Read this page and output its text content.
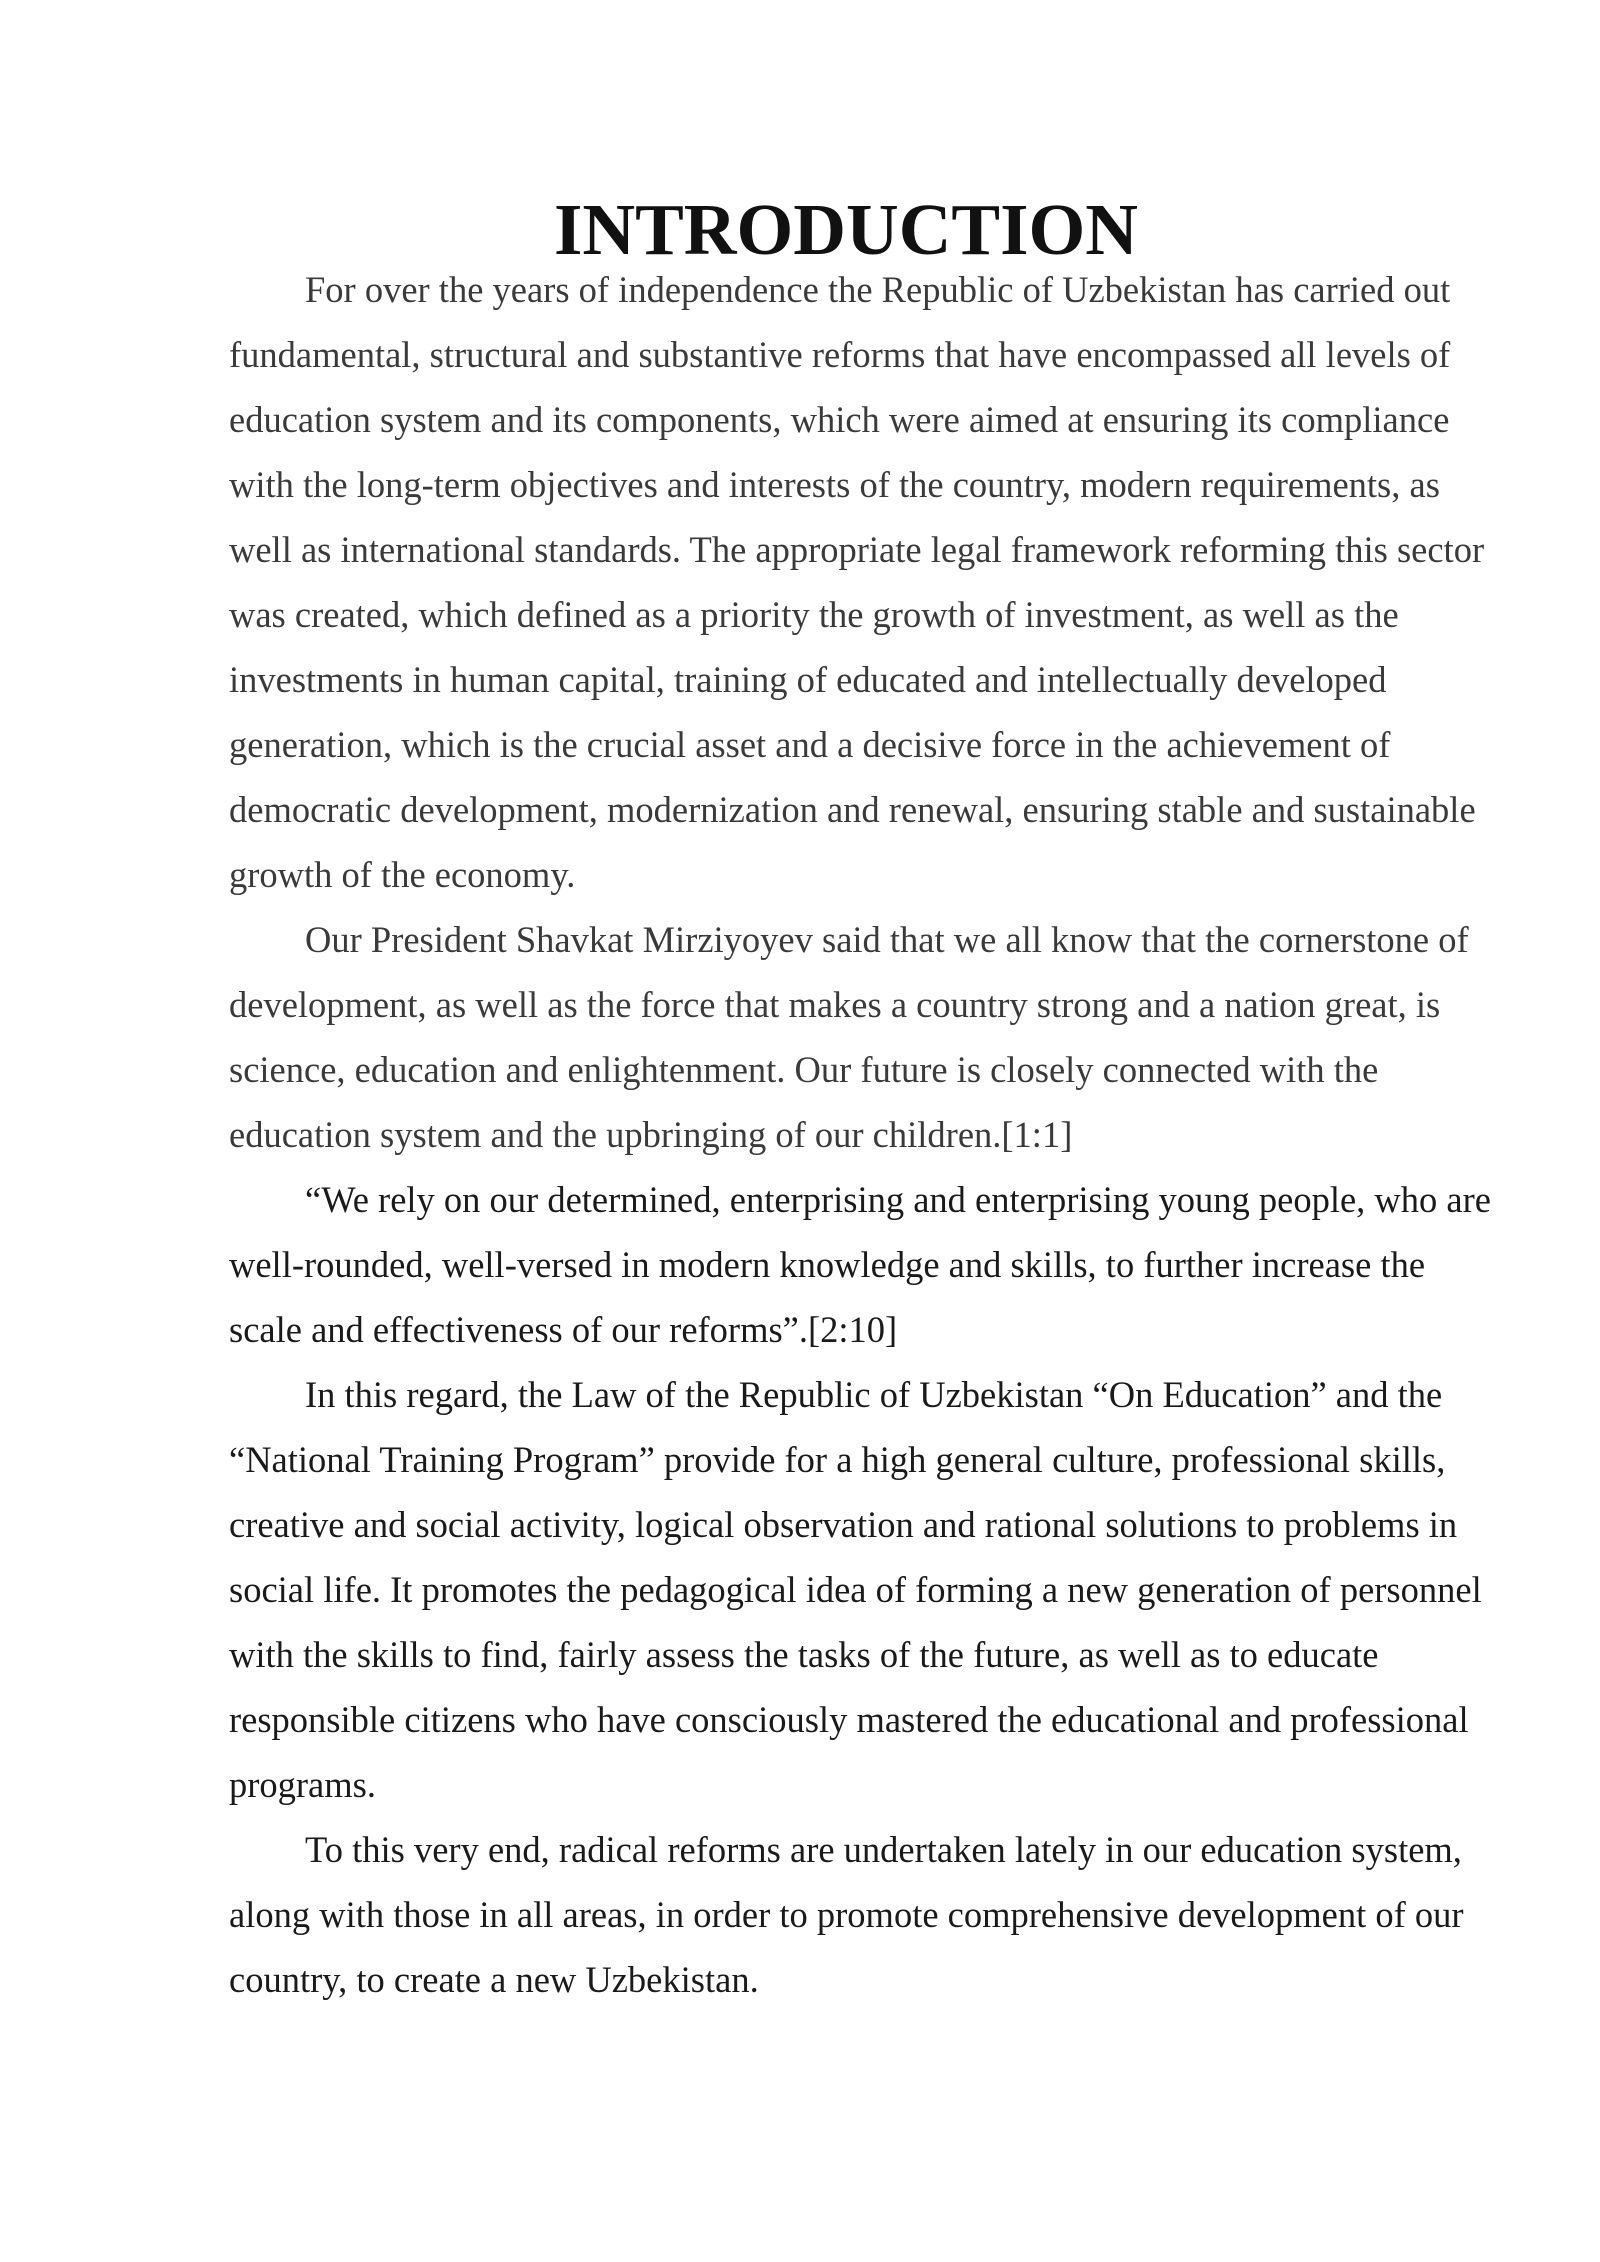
INTRODUCTION

For over the years of independence the Republic of Uzbekistan has carried out fundamental, structural and substantive reforms that have encompassed all levels of education system and its components, which were aimed at ensuring its compliance with the long-term objectives and interests of the country, modern requirements, as well as international standards. The appropriate legal framework reforming this sector was created, which defined as a priority the growth of investment, as well as the investments in human capital, training of educated and intellectually developed generation, which is the crucial asset and a decisive force in the achievement of democratic development, modernization and renewal, ensuring stable and sustainable growth of the economy.

Our President Shavkat Mirziyoyev said that we all know that the cornerstone of development, as well as the force that makes a country strong and a nation great, is science, education and enlightenment. Our future is closely connected with the education system and the upbringing of our children.[1:1]

“We rely on our determined, enterprising and enterprising young people, who are well-rounded, well-versed in modern knowledge and skills, to further increase the scale and effectiveness of our reforms”.[2:10]

In this regard, the Law of the Republic of Uzbekistan “On Education” and the “National Training Program” provide for a high general culture, professional skills, creative and social activity, logical observation and rational solutions to problems in social life. It promotes the pedagogical idea of forming a new generation of personnel with the skills to find, fairly assess the tasks of the future, as well as to educate responsible citizens who have consciously mastered the educational and professional programs.

To this very end, radical reforms are undertaken lately in our education system, along with those in all areas, in order to promote comprehensive development of our country, to create a new Uzbekistan.
